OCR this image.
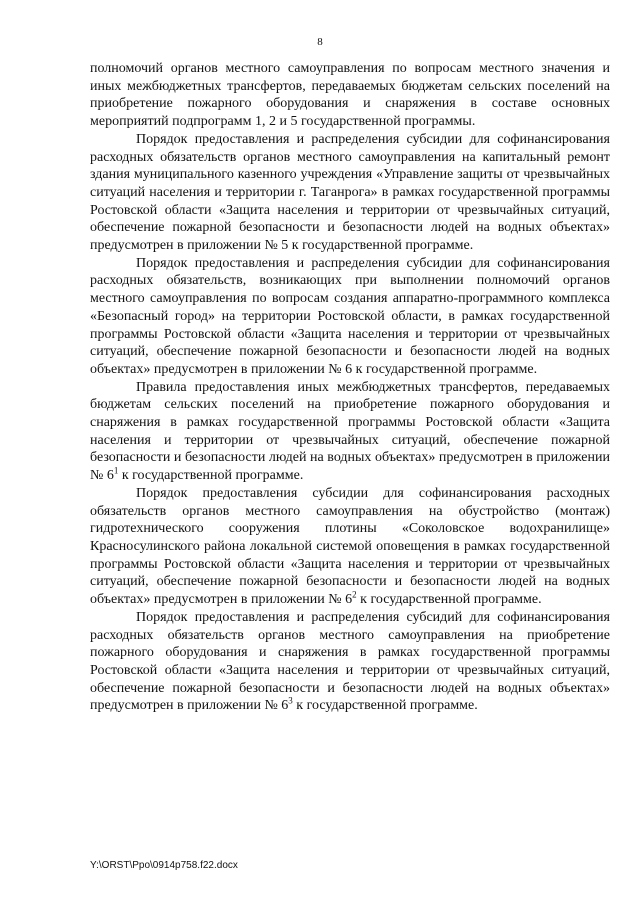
8

полномочий органов местного самоуправления по вопросам местного значения и иных межбюджетных трансфертов, передаваемых бюджетам сельских поселений на приобретение пожарного оборудования и снаряжения в составе основных мероприятий подпрограмм 1, 2 и 5 государственной программы.

Порядок предоставления и распределения субсидии для софинансирования расходных обязательств органов местного самоуправления на капитальный ремонт здания муниципального казенного учреждения «Управление защиты от чрезвычайных ситуаций населения и территории г. Таганрога» в рамках государственной программы Ростовской области «Защита населения и территории от чрезвычайных ситуаций, обеспечение пожарной безопасности и безопасности людей на водных объектах» предусмотрен в приложении № 5 к государственной программе.

Порядок предоставления и распределения субсидии для софинансирования расходных обязательств, возникающих при выполнении полномочий органов местного самоуправления по вопросам создания аппаратно-программного комплекса «Безопасный город» на территории Ростовской области, в рамках государственной программы Ростовской области «Защита населения и территории от чрезвычайных ситуаций, обеспечение пожарной безопасности и безопасности людей на водных объектах» предусмотрен в приложении № 6 к государственной программе.

Правила предоставления иных межбюджетных трансфертов, передаваемых бюджетам сельских поселений на приобретение пожарного оборудования и снаряжения в рамках государственной программы Ростовской области «Защита населения и территории от чрезвычайных ситуаций, обеспечение пожарной безопасности и безопасности людей на водных объектах» предусмотрен в приложении № $6^1$ к государственной программе.

Порядок предоставления субсидии для софинансирования расходных обязательств органов местного самоуправления на обустройство (монтаж) гидротехнического сооружения плотины «Соколовское водохранилище» Красносулинского района локальной системой оповещения в рамках государственной программы Ростовской области «Защита населения и территории от чрезвычайных ситуаций, обеспечение пожарной безопасности и безопасности людей на водных объектах» предусмотрен в приложении № $6^2$ к государственной программе.

Порядок предоставления и распределения субсидий для софинансирования расходных обязательств органов местного самоуправления на приобретение пожарного оборудования и снаряжения в рамках государственной программы Ростовской области «Защита населения и территории от чрезвычайных ситуаций, обеспечение пожарной безопасности и безопасности людей на водных объектах» предусмотрен в приложении № $6^3$ к государственной программе.

Y:\ORST\Ppo\0914p758.f22.docx
